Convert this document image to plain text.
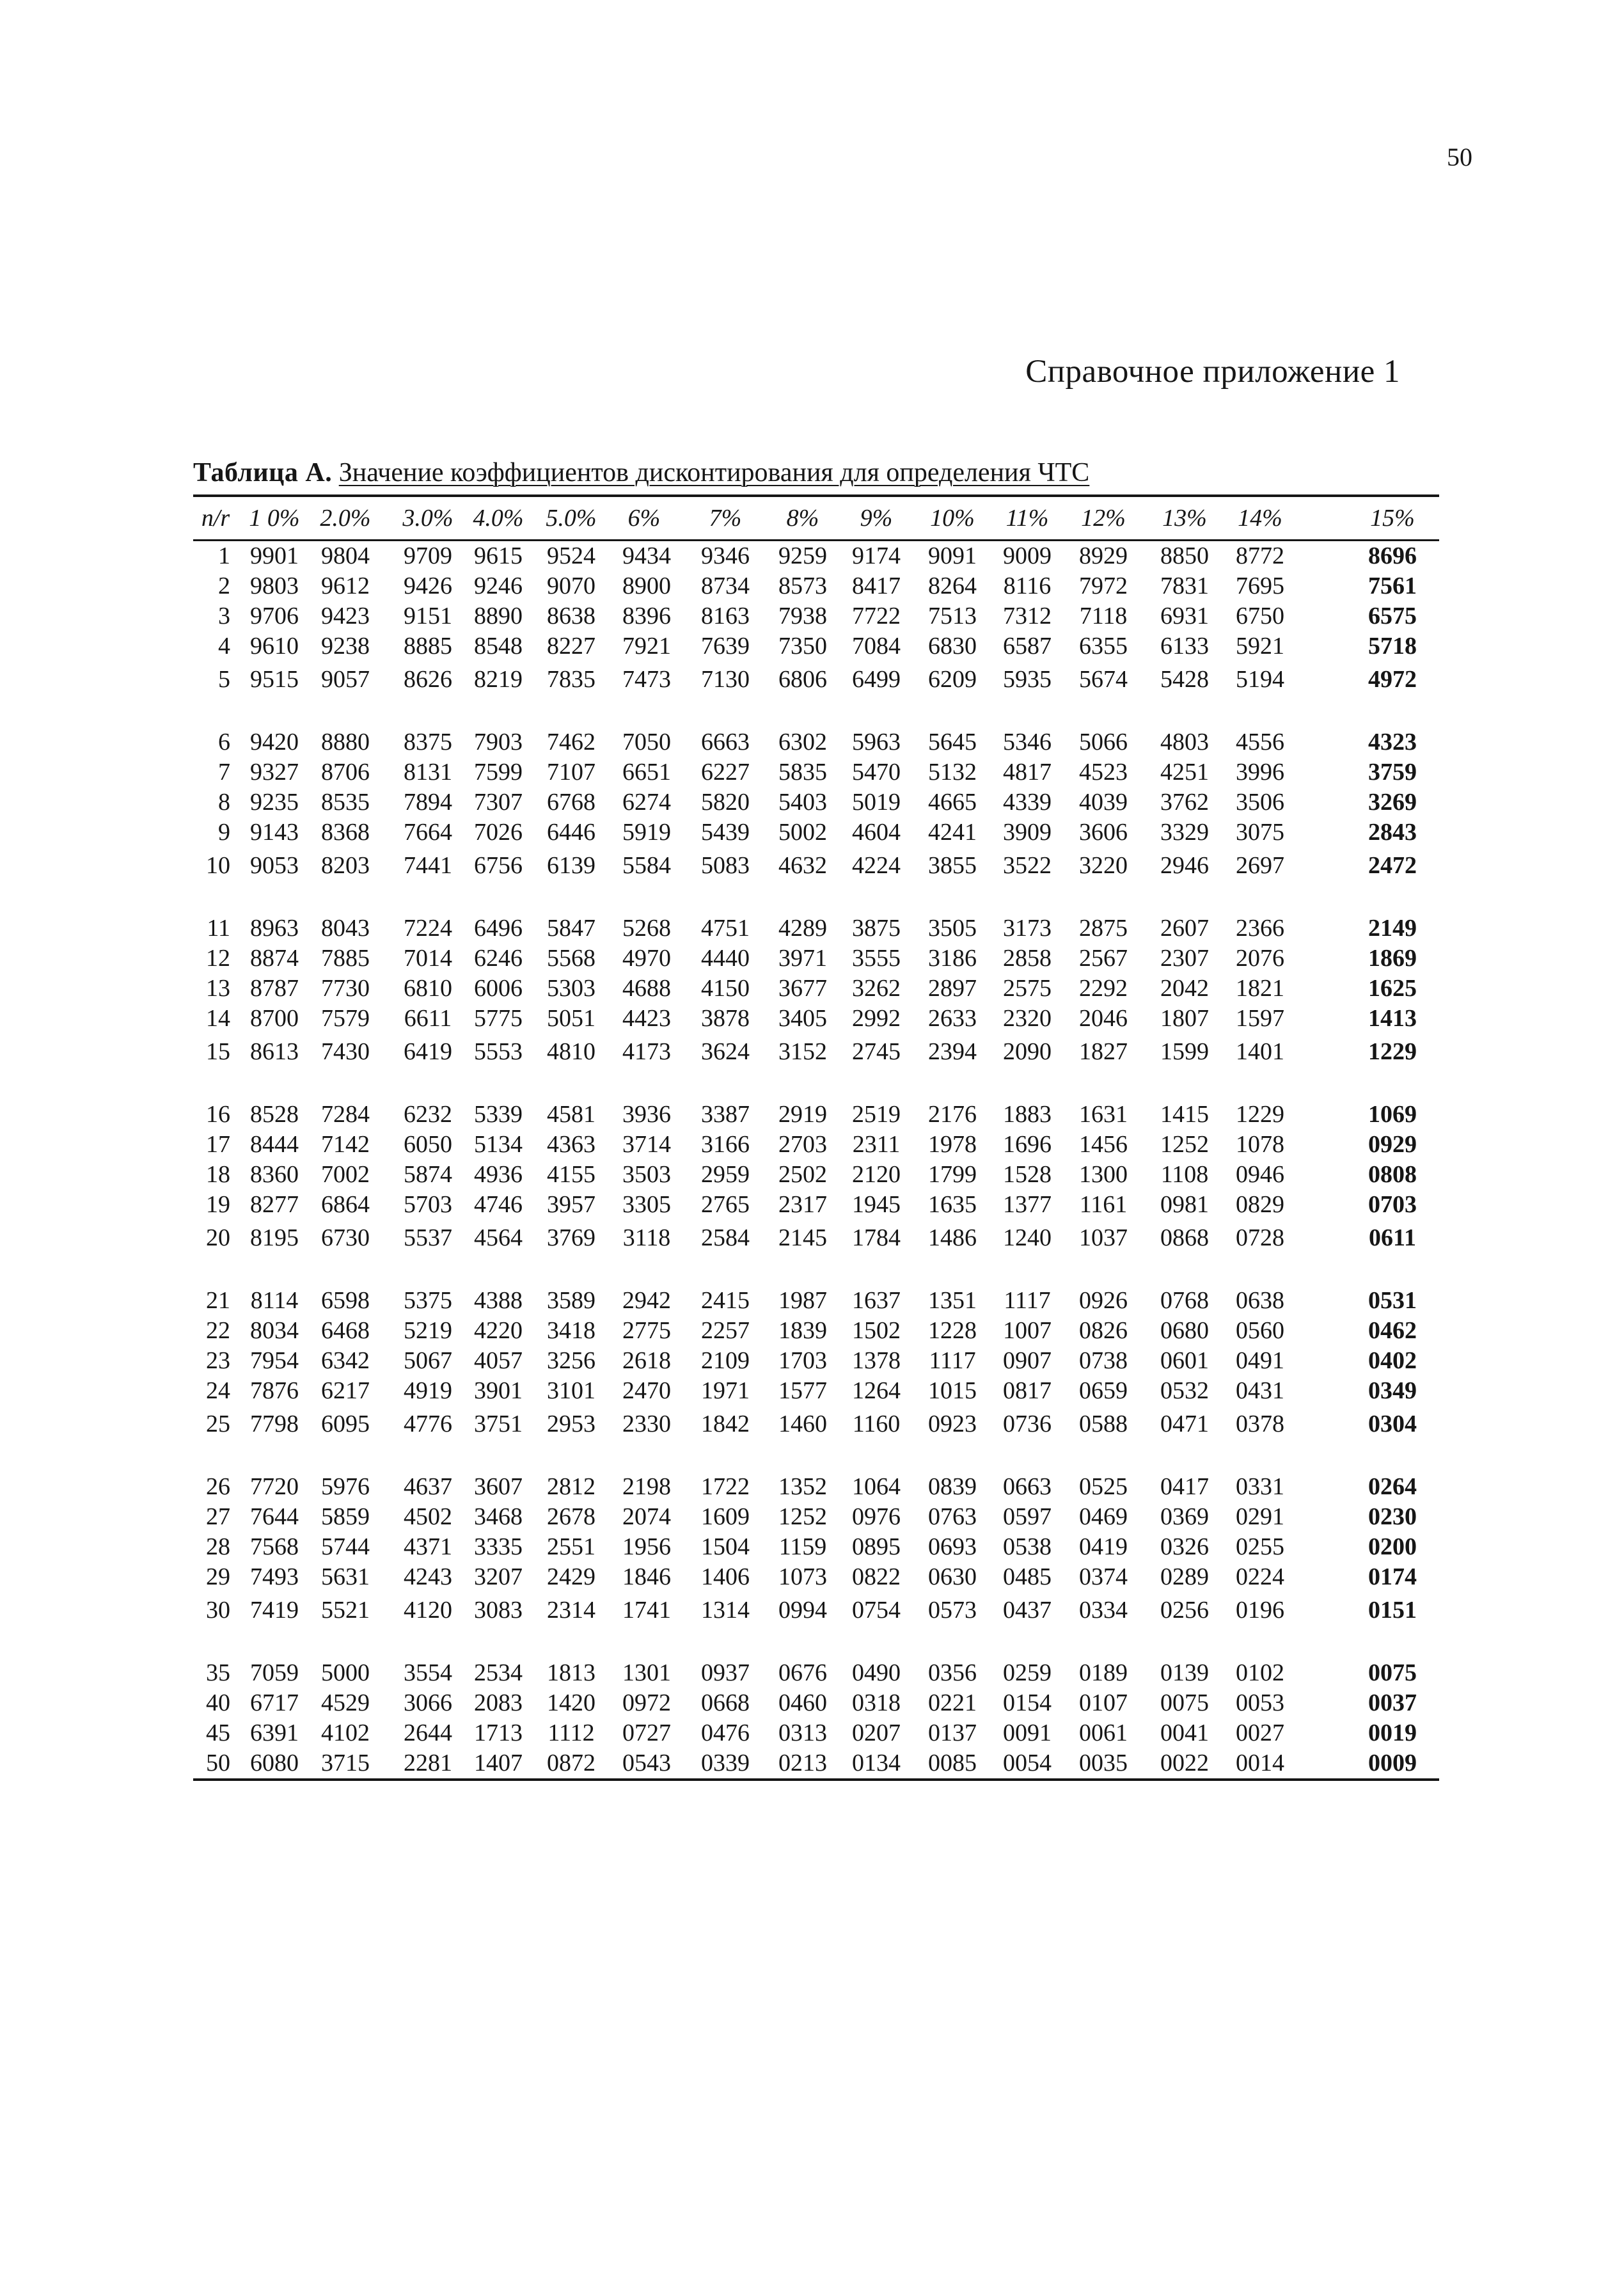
50
Справочное приложение 1
Таблица А. Значение коэффициентов дисконтирования для определения ЧТС
n/r 1 0% 2.0%	3.0% 4.0% 5.0%	6%	7%	8%	9%	10%	11%	12%	13%	14%	15%
1 9901 9804	9709 9615	9524	9434	9346	9259	9174	9091	9009	8929	8850	8772	8696
2 9803 9612	9426 9246	9070	8900	8734	8573	8417	8264	8116	7972	7831	7695	7561
3 9706 9423	9151 8890	8638	8396	8163	7938	7722	7513	7312	7118	6931	6750	6575
4 9610 9238	8885 8548	8227	7921	7639	7350	7084	6830	6587	6355	6133	5921	5718
5 9515 9057	8626 8219	7835	7473	7130	6806	6499	6209	5935	5674	5428	5194	4972
6 9420 8880	8375 7903	7462	7050	6663	6302	5963	5645	5346	5066	4803	4556	4323
7 9327 8706	8131 7599	7107	6651	6227	5835	5470	5132	4817	4523	4251	3996	3759
8 9235 8535	7894 7307	6768	6274	5820	5403	5019	4665	4339	4039	3762	3506	3269
9 9143 8368	7664 7026	6446	5919	5439	5002	4604	4241	3909	3606	3329	3075	2843
10 9053 8203	7441 6756	6139	5584	5083	4632	4224	3855	3522	3220	2946	2697	2472
11 8963 8043	7224 6496	5847	5268	4751	4289	3875	3505	3173	2875	2607	2366	2149
12 8874 7885	7014 6246	5568	4970	4440	3971	3555	3186	2858	2567	2307	2076	1869
13 8787 7730	6810 6006	5303	4688	4150	3677	3262	2897	2575	2292	2042	1821	1625
14 8700 7579	6611 5775	5051	4423	3878	3405	2992	2633	2320	2046	1807	1597	1413
15 8613 7430	6419 5553	4810	4173	3624	3152	2745	2394	2090	1827	1599	1401	1229
16 8528 7284	6232 5339	4581	3936	3387	2919	2519	2176	1883	1631	1415	1229	1069
17 8444 7142	6050 5134	4363	3714	3166	2703	2311	1978	1696	1456	1252	1078	0929
18 8360 7002	5874 4936	4155	3503	2959	2502	2120	1799	1528	1300	1108	0946	0808
19 8277 6864	5703 4746	3957	3305	2765	2317	1945	1635	1377	1161	0981	0829	0703
20 8195 6730	5537 4564	3769	3118	2584	2145	1784	1486	1240	1037	0868	0728	0611
21 8114 6598	5375 4388	3589	2942	2415	1987	1637	1351	1117	0926	0768	0638	0531
22 8034 6468	5219 4220	3418	2775	2257	1839	1502	1228	1007	0826	0680	0560	0462
23 7954 6342	5067 4057	3256	2618	2109	1703	1378	1117	0907	0738	0601	0491	0402
24 7876 6217	4919 3901	3101	2470	1971	1577	1264	1015	0817	0659	0532	0431	0349
25 7798 6095	4776 3751	2953	2330	1842	1460	1160	0923	0736	0588	0471	0378	0304
26 7720 5976	4637 3607	2812	2198	1722	1352	1064	0839	0663	0525	0417	0331	0264
27 7644 5859	4502 3468	2678	2074	1609	1252	0976	0763	0597	0469	0369	0291	0230
28 7568 5744	4371 3335	2551	1956	1504	1159	0895	0693	0538	0419	0326	0255	0200
29 7493 5631	4243 3207	2429	1846	1406	1073	0822	0630	0485	0374	0289	0224	0174
30 7419 5521	4120 3083	2314	1741	1314	0994	0754	0573	0437	0334	0256	0196	0151
35 7059 5000	3554 2534	1813	1301	0937	0676	0490	0356	0259	0189	0139	0102	0075
40 6717 4529	3066 2083	1420	0972	0668	0460	0318	0221	0154	0107	0075	0053	0037
45 6391 4102	2644 1713	1112	0727	0476	0313	0207	0137	0091	0061	0041	0027	0019
50 6080 3715	2281 1407	0872	0543	0339	0213	0134	0085	0054	0035	0022	0014	0009
